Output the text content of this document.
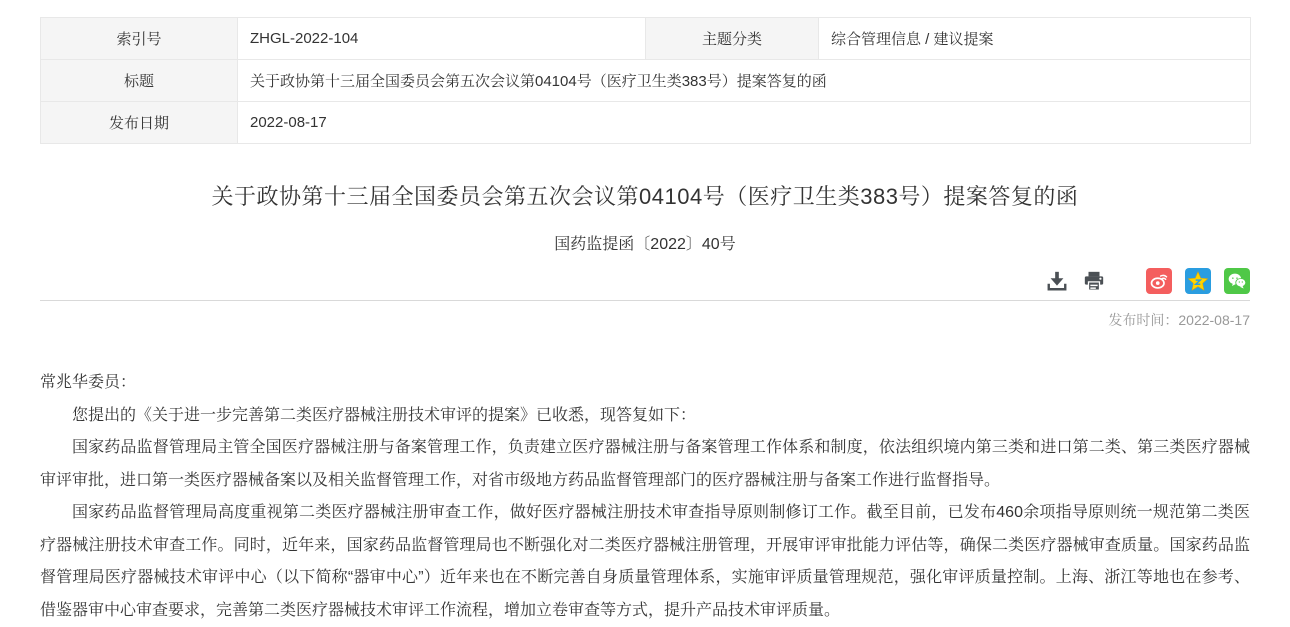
索引号	ZHGL-2022-104	主题分类	综合管理信息 / 建议提案
标题	关于政协第十三届全国委员会第五次会议第04104号（医疗卫生类383号）提案答复的函		
发布日期	2022-08-17		
关于政协第十三届全国委员会第五次会议第04104号（医疗卫生类383号）提案答复的函
国药监提函〔2022〕40号
发布时间：2022-08-17

常兆华委员：

您提出的《关于进一步完善第二类医疗器械注册技术审评的提案》已收悉，现答复如下：

国家药品监督管理局主管全国医疗器械注册与备案管理工作，负责建立医疗器械注册与备案管理工作体系和制度，依法组织境内第三类和进口第二类、第三类医疗器械审评审批，进口第一类医疗器械备案以及相关监督管理工作，对省市级地方药品监督管理部门的医疗器械注册与备案工作进行监督指导。

国家药品监督管理局高度重视第二类医疗器械注册审查工作，做好医疗器械注册技术审查指导原则制修订工作。截至目前，已发布460余项指导原则统一规范第二类医疗器械注册技术审查工作。同时，近年来，国家药品监督管理局也不断强化对二类医疗器械注册管理，开展审评审批能力评估等，确保二类医疗器械审查质量。国家药品监督管理局医疗器械技术审评中心（以下简称“器审中心”）近年来也在不断完善自身质量管理体系，实施审评质量管理规范，强化审评质量控制。上海、浙江等地也在参考、借鉴器审中心审查要求，完善第二类医疗器械技术审评工作流程，增加立卷审查等方式，提升产品技术审评质量。
